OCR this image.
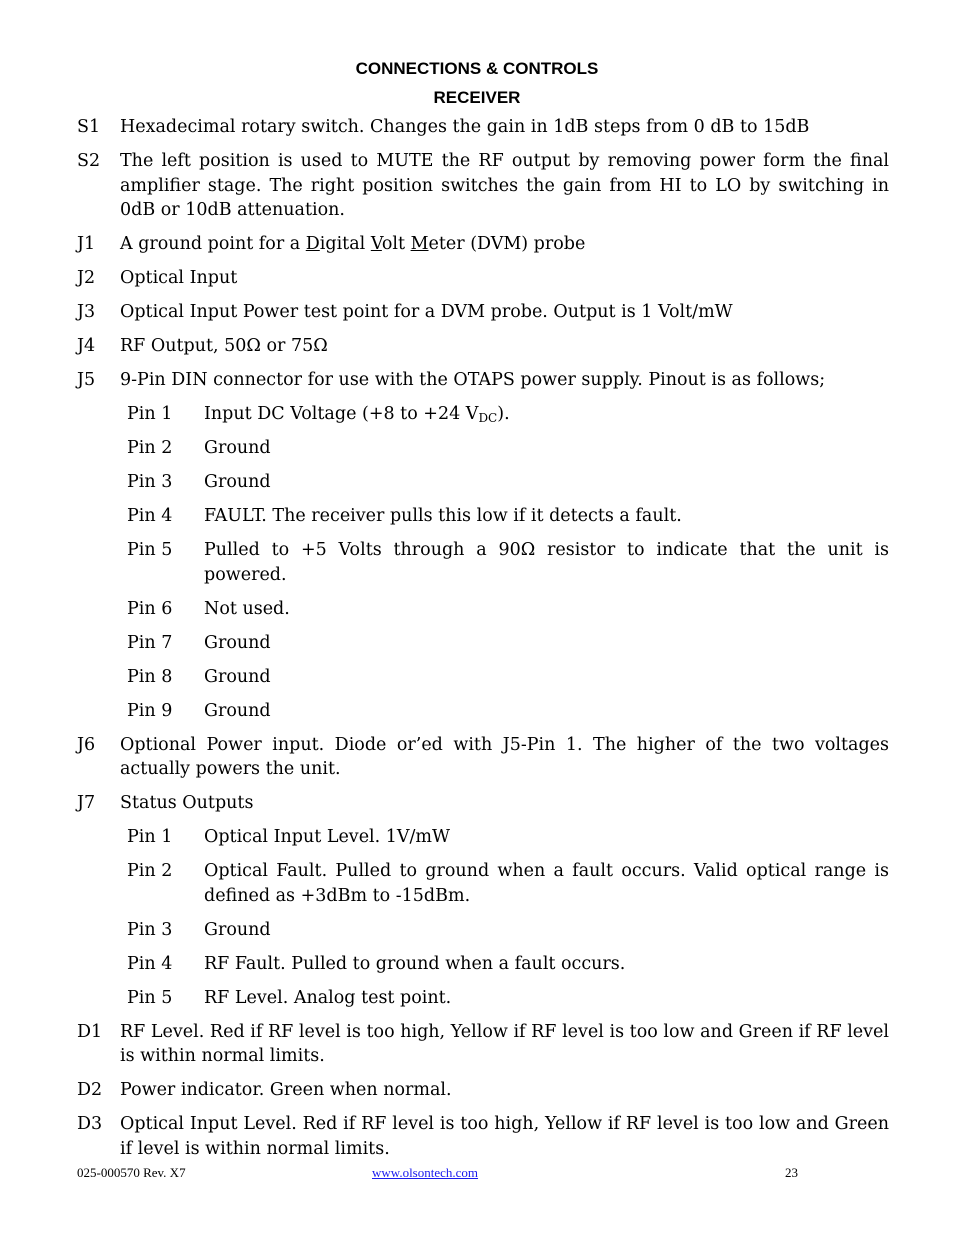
CONNECTIONS & CONTROLS
RECEIVER
S1 Hexadecimal rotary switch. Changes the gain in 1dB steps from 0 dB to 15dB
S2 The left position is used to MUTE the RF output by removing power form the final amplifier stage. The right position switches the gain from HI to LO by switching in 0dB or 10dB attenuation.
J1 A ground point for a Digital Volt Meter (DVM) probe
J2 Optical Input
J3 Optical Input Power test point for a DVM probe. Output is 1 Volt/mW
J4 RF Output, 50Ω or 75Ω
J5 9-Pin DIN connector for use with the OTAPS power supply. Pinout is as follows;
Pin 1 Input DC Voltage (+8 to +24 $V_{DC}$).
Pin 2 Ground
Pin 3 Ground
Pin 4 FAULT. The receiver pulls this low if it detects a fault.
Pin 5 Pulled to +5 Volts through a 90Ω resistor to indicate that the unit is powered.
Pin 6 Not used.
Pin 7 Ground
Pin 8 Ground
Pin 9 Ground
J6 Optional Power input. Diode or’ed with J5-Pin 1. The higher of the two voltages actually powers the unit.
J7 Status Outputs
Pin 1 Optical Input Level. 1V/mW
Pin 2 Optical Fault. Pulled to ground when a fault occurs. Valid optical range is defined as +3dBm to -15dBm.
Pin 3 Ground
Pin 4 RF Fault. Pulled to ground when a fault occurs.
Pin 5 RF Level. Analog test point.
D1 RF Level. Red if RF level is too high, Yellow if RF level is too low and Green if RF level is within normal limits.
D2 Power indicator. Green when normal.
D3 Optical Input Level. Red if RF level is too high, Yellow if RF level is too low and Green if level is within normal limits.
025-000570 Rev. X7	www.olsontech.com	23
